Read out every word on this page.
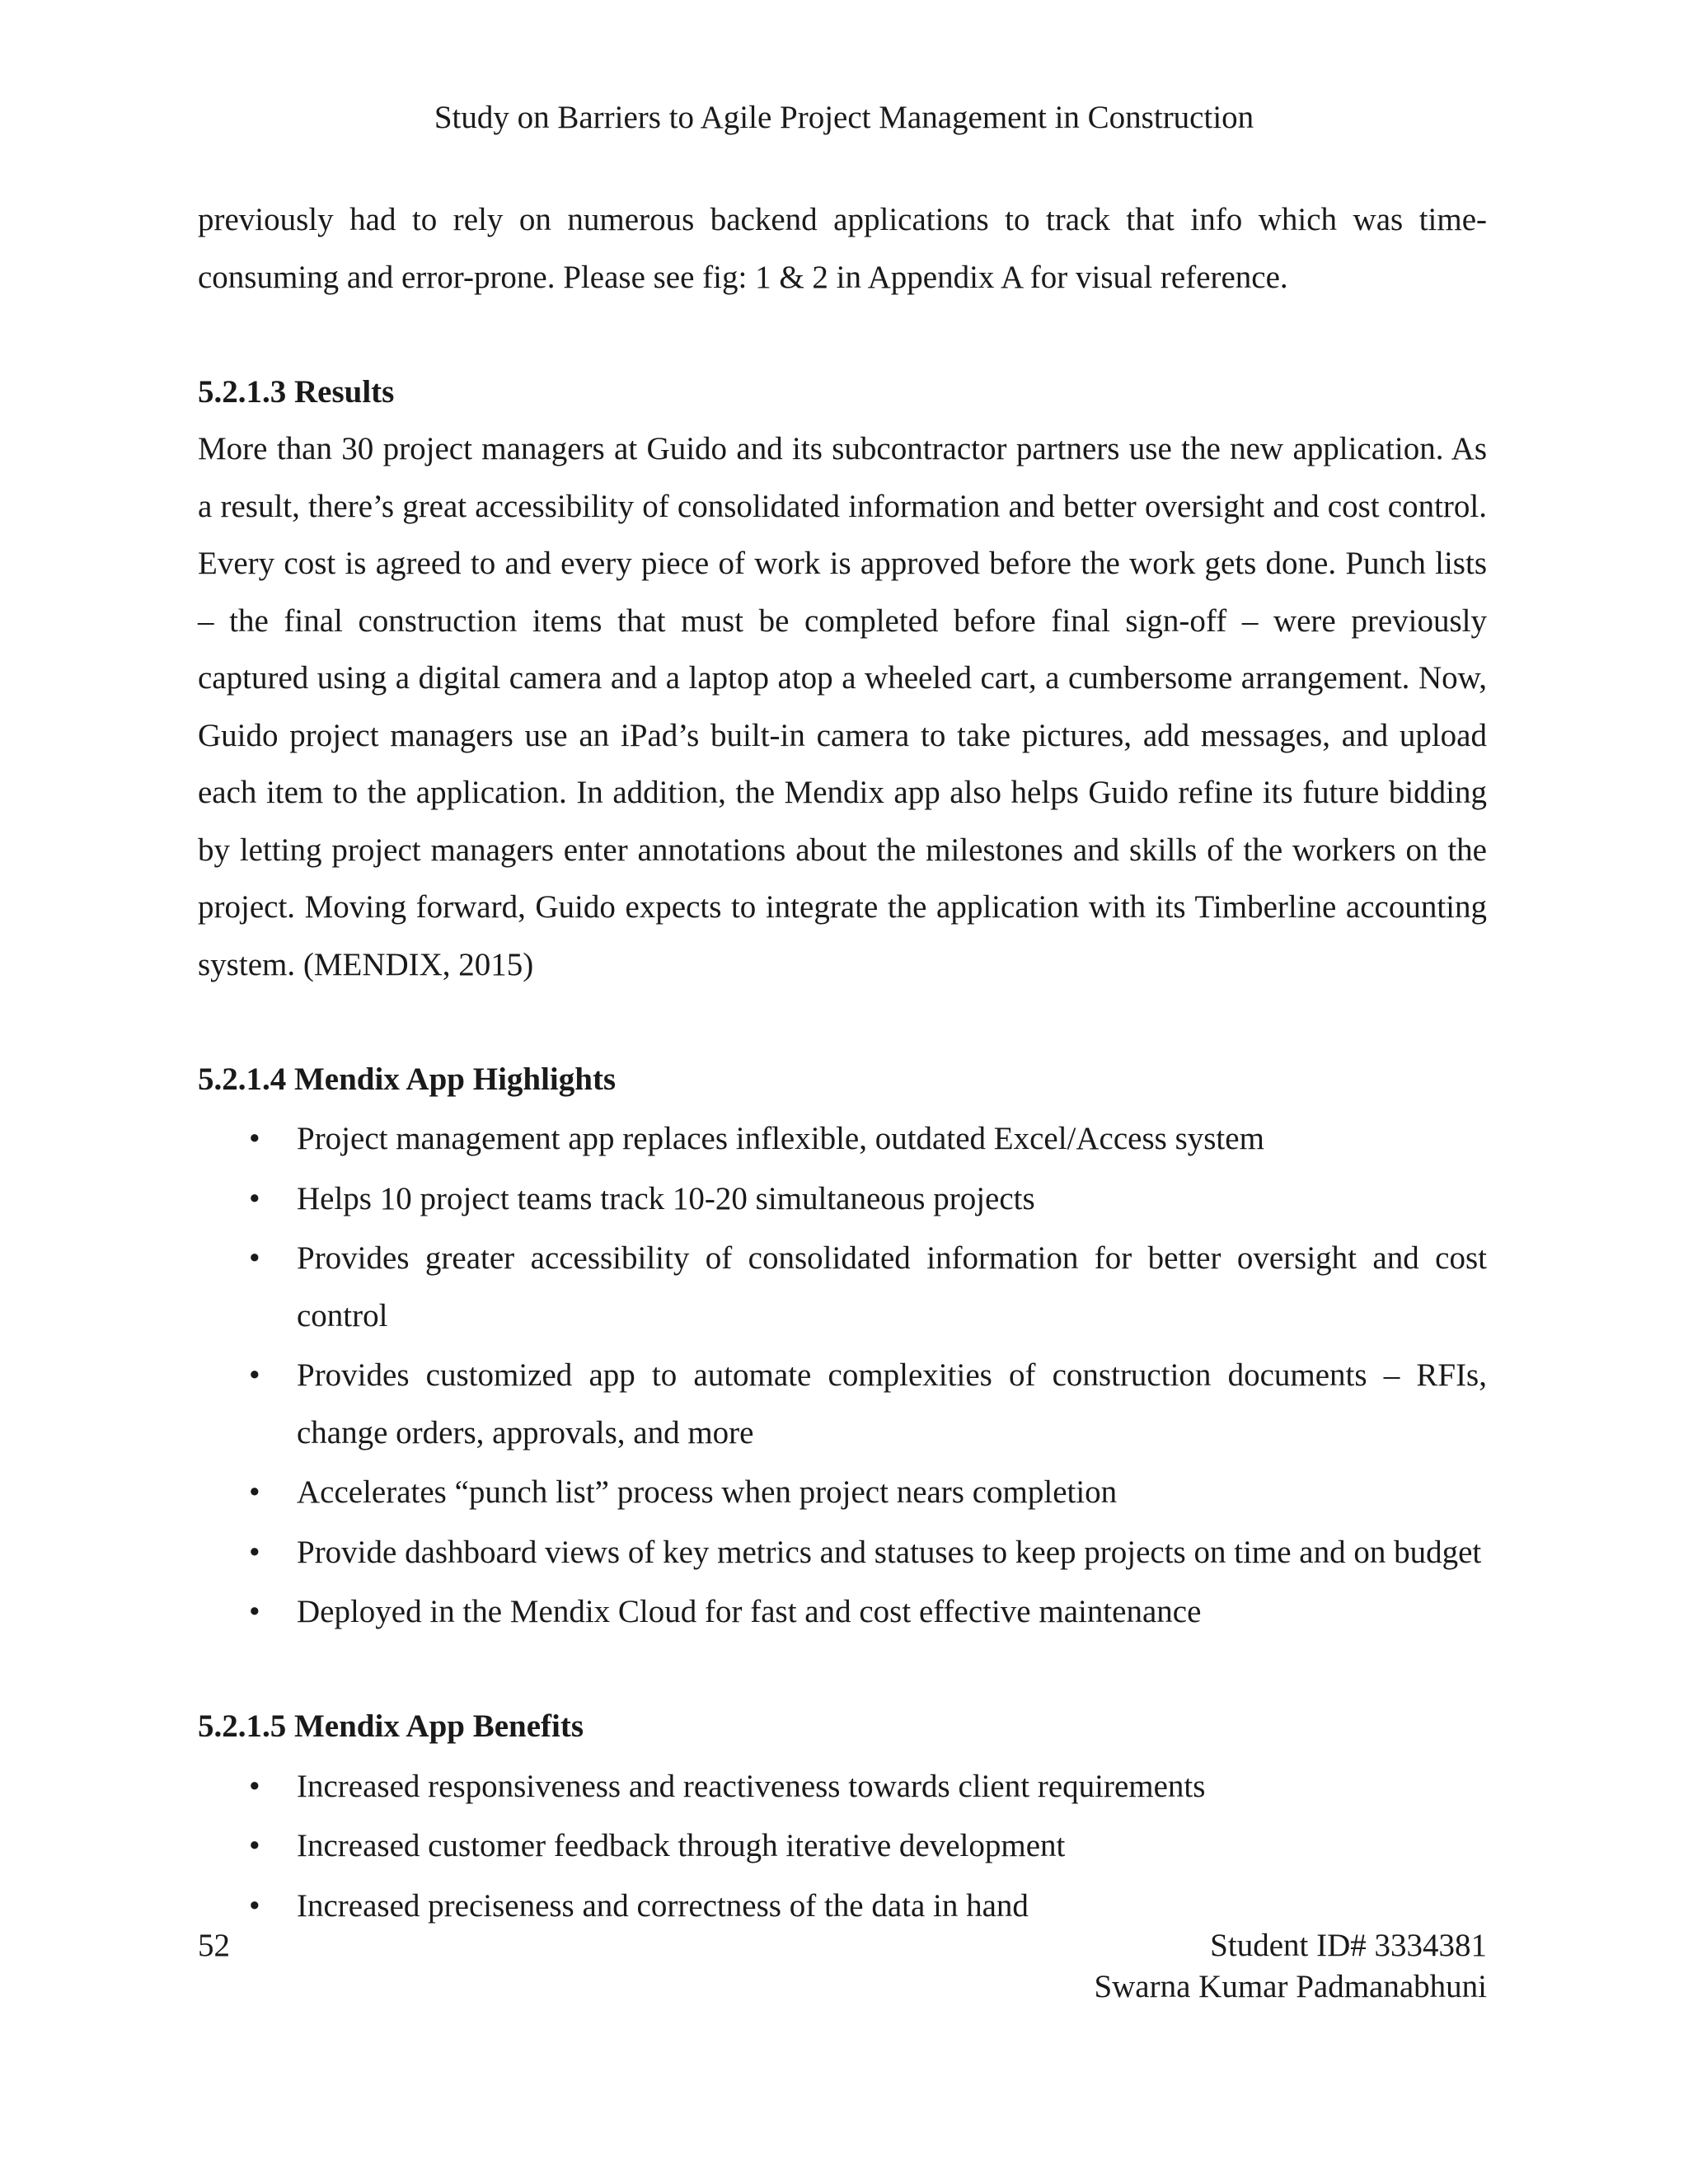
Study on Barriers to Agile Project Management in Construction

previously had to rely on numerous backend applications to track that info which was time-consuming and error-prone. Please see fig: 1 & 2 in Appendix A for visual reference.

5.2.1.3 Results

More than 30 project managers at Guido and its subcontractor partners use the new application. As a result, there’s great accessibility of consolidated information and better oversight and cost control. Every cost is agreed to and every piece of work is approved before the work gets done. Punch lists – the final construction items that must be completed before final sign-off – were previously captured using a digital camera and a laptop atop a wheeled cart, a cumbersome arrangement. Now, Guido project managers use an iPad’s built-in camera to take pictures, add messages, and upload each item to the application. In addition, the Mendix app also helps Guido refine its future bidding by letting project managers enter annotations about the milestones and skills of the workers on the project. Moving forward, Guido expects to integrate the application with its Timberline accounting system. (MENDIX, 2015)

5.2.1.4 Mendix App Highlights
•	Project management app replaces inflexible, outdated Excel/Access system
•	Helps 10 project teams track 10-20 simultaneous projects
•	Provides greater accessibility of consolidated information for better oversight and cost control
•	Provides customized app to automate complexities of construction documents – RFIs, change orders, approvals, and more
•	Accelerates “punch list” process when project nears completion
•	Provide dashboard views of key metrics and statuses to keep projects on time and on budget
•	Deployed in the Mendix Cloud for fast and cost effective maintenance
5.2.1.5 Mendix App Benefits
•	Increased responsiveness and reactiveness towards client requirements
•	Increased customer feedback through iterative development
•	Increased preciseness and correctness of the data in hand
52	Student ID# 3334381
Swarna Kumar Padmanabhuni
